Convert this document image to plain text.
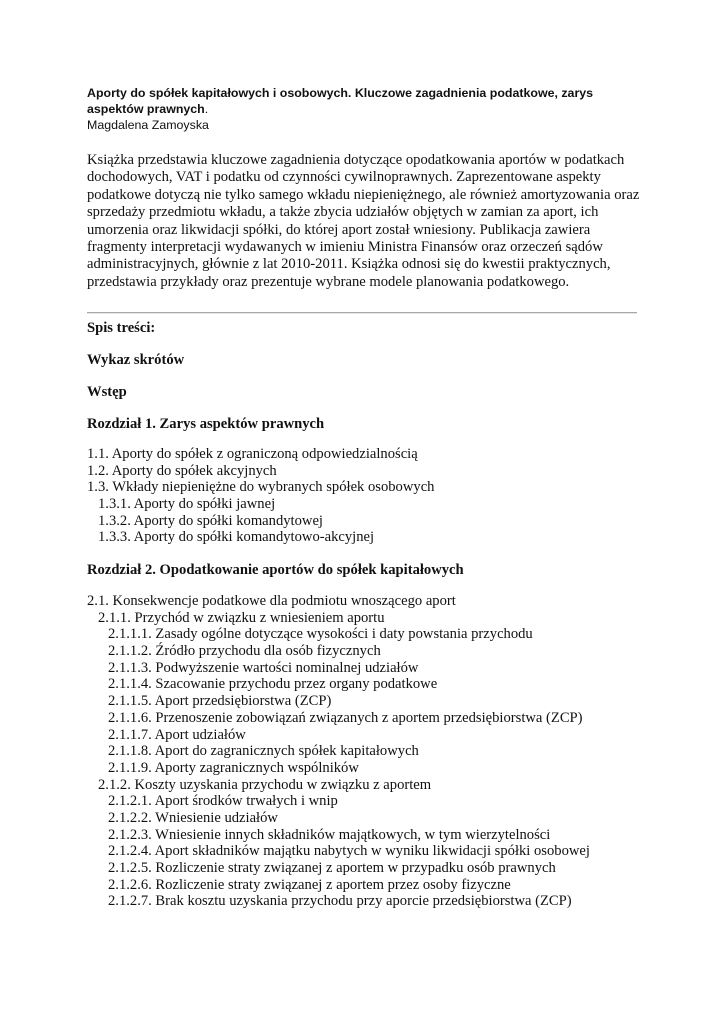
Aporty do spółek kapitałowych i osobowych. Kluczowe zagadnienia podatkowe, zarys aspektów prawnych.
Magdalena Zamoyska

Książka przedstawia kluczowe zagadnienia dotyczące opodatkowania aportów w podatkach dochodowych, VAT i podatku od czynności cywilnoprawnych. Zaprezentowane aspekty podatkowe dotyczą nie tylko samego wkładu niepieniężnego, ale również amortyzowania oraz sprzedaży przedmiotu wkładu, a także zbycia udziałów objętych w zamian za aport, ich umorzenia oraz likwidacji spółki, do której aport został wniesiony. Publikacja zawiera fragmenty interpretacji wydawanych w imieniu Ministra Finansów oraz orzeczeń sądów administracyjnych, głównie z lat 2010-2011. Książka odnosi się do kwestii praktycznych, przedstawia przykłady oraz prezentuje wybrane modele planowania podatkowego.

Spis treści:

Wykaz skrótów

Wstęp

Rozdział 1. Zarys aspektów prawnych

1.1. Aporty do spółek z ograniczoną odpowiedzialnością
1.2. Aporty do spółek akcyjnych
1.3. Wkłady niepieniężne do wybranych spółek osobowych
1.3.1. Aporty do spółki jawnej
1.3.2. Aporty do spółki komandytowej
1.3.3. Aporty do spółki komandytowo-akcyjnej

Rozdział 2. Opodatkowanie aportów do spółek kapitałowych

2.1. Konsekwencje podatkowe dla podmiotu wnoszącego aport
2.1.1. Przychód w związku z wniesieniem aportu
2.1.1.1. Zasady ogólne dotyczące wysokości i daty powstania przychodu
2.1.1.2. Źródło przychodu dla osób fizycznych
2.1.1.3. Podwyższenie wartości nominalnej udziałów
2.1.1.4. Szacowanie przychodu przez organy podatkowe
2.1.1.5. Aport przedsiębiorstwa (ZCP)
2.1.1.6. Przenoszenie zobowiązań związanych z aportem przedsiębiorstwa (ZCP)
2.1.1.7. Aport udziałów
2.1.1.8. Aport do zagranicznych spółek kapitałowych
2.1.1.9. Aporty zagranicznych wspólników
2.1.2. Koszty uzyskania przychodu w związku z aportem
2.1.2.1. Aport środków trwałych i wnip
2.1.2.2. Wniesienie udziałów
2.1.2.3. Wniesienie innych składników majątkowych, w tym wierzytelności
2.1.2.4. Aport składników majątku nabytych w wyniku likwidacji spółki osobowej
2.1.2.5. Rozliczenie straty związanej z aportem w przypadku osób prawnych
2.1.2.6. Rozliczenie straty związanej z aportem przez osoby fizyczne
2.1.2.7. Brak kosztu uzyskania przychodu przy aporcie przedsiębiorstwa (ZCP)
